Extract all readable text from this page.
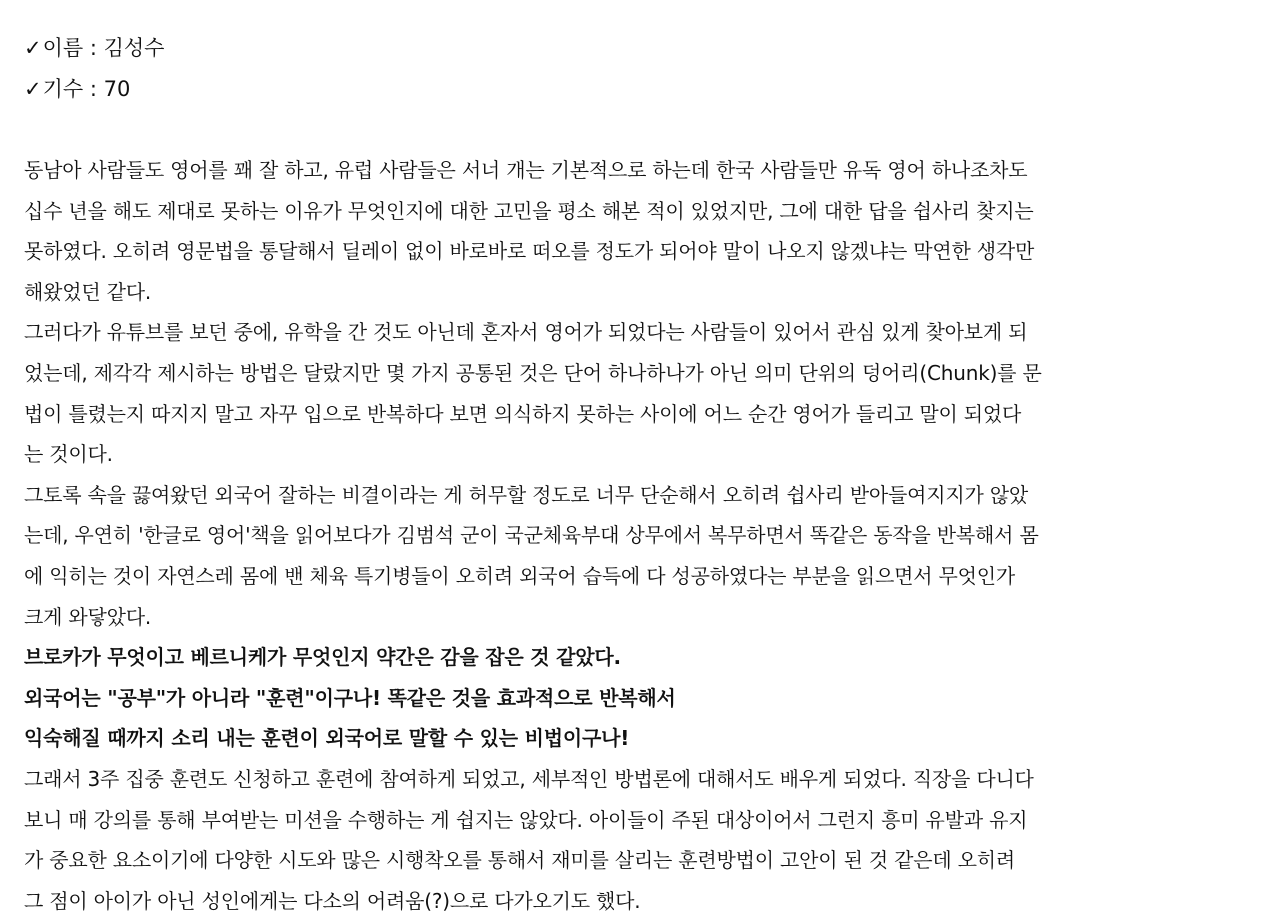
✓이름 : 김성수
✓기수 : 70
동남아 사람들도 영어를 꽤 잘 하고, 유럽 사람들은 서너 개는 기본적으로 하는데 한국 사람들만 유독 영어 하나조차도
십수 년을 해도 제대로 못하는 이유가 무엇인지에 대한 고민을 평소 해본 적이 있었지만, 그에 대한 답을 쉽사리 찾지는
못하였다. 오히려 영문법을 통달해서 딜레이 없이 바로바로 떠오를 정도가 되어야 말이 나오지 않겠냐는 막연한 생각만
해왔었던 같다.
그러다가 유튜브를 보던 중에, 유학을 간 것도 아닌데 혼자서 영어가 되었다는 사람들이 있어서 관심 있게 찾아보게 되
었는데, 제각각 제시하는 방법은 달랐지만 몇 가지 공통된 것은 단어 하나하나가 아닌 의미 단위의 덩어리(Chunk)를 문
법이 틀렸는지 따지지 말고 자꾸 입으로 반복하다 보면 의식하지 못하는 사이에 어느 순간 영어가 들리고 말이 되었다
는 것이다.
그토록 속을 끓여왔던 외국어 잘하는 비결이라는 게 허무할 정도로 너무 단순해서 오히려 쉽사리 받아들여지지가 않았
는데, 우연히 '한글로 영어'책을 읽어보다가 김범석 군이 국군체육부대 상무에서 복무하면서 똑같은 동작을 반복해서 몸
에 익히는 것이 자연스레 몸에 밴 체육 특기병들이 오히려 외국어 습득에 다 성공하였다는 부분을 읽으면서 무엇인가
크게 와닿았다.
브로카가 무엇이고 베르니케가 무엇인지 약간은 감을 잡은 것 같았다.
외국어는 "공부"가 아니라 "훈련"이구나! 똑같은 것을 효과적으로 반복해서
익숙해질 때까지 소리 내는 훈련이 외국어로 말할 수 있는 비법이구나!
그래서 3주 집중 훈련도 신청하고 훈련에 참여하게 되었고, 세부적인 방법론에 대해서도 배우게 되었다. 직장을 다니다
보니 매 강의를 통해 부여받는 미션을 수행하는 게 쉽지는 않았다. 아이들이 주된 대상이어서 그런지 흥미 유발과 유지
가 중요한 요소이기에 다양한 시도와 많은 시행착오를 통해서 재미를 살리는 훈련방법이 고안이 된 것 같은데 오히려
그 점이 아이가 아닌 성인에게는 다소의 어려움(?)으로 다가오기도 했다.
